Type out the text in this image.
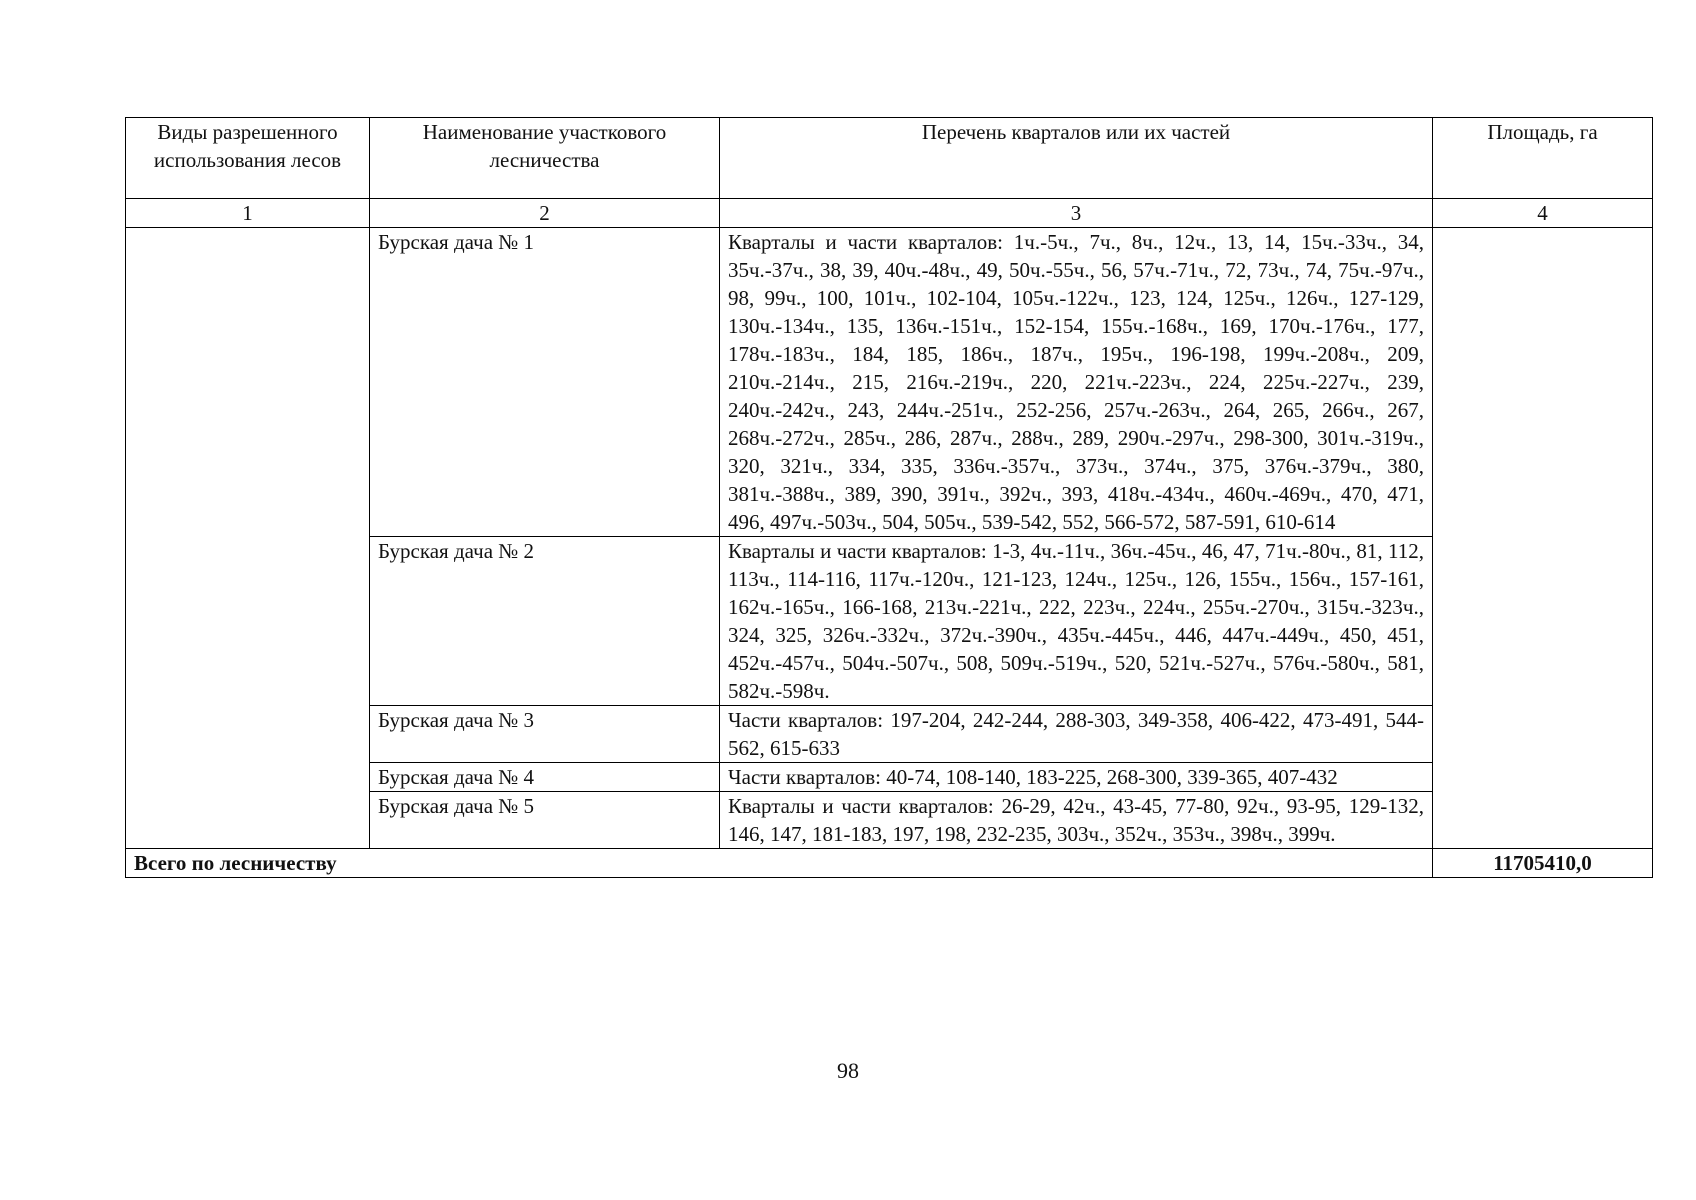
Виды разрешенного использования лесов	Наименование участкового лесничества	Перечень кварталов или их частей	Площадь, га
1	2	3	4
	Бурская дача № 1	Кварталы и части кварталов: 1ч.-5ч., 7ч., 8ч., 12ч., 13, 14, 15ч.-33ч., 34, 35ч.-37ч., 38, 39, 40ч.-48ч., 49, 50ч.-55ч., 56, 57ч.-71ч., 72, 73ч., 74, 75ч.-97ч., 98, 99ч., 100, 101ч., 102-104, 105ч.-122ч., 123, 124, 125ч., 126ч., 127-129, 130ч.-134ч., 135, 136ч.-151ч., 152-154, 155ч.-168ч., 169, 170ч.-176ч., 177, 178ч.-183ч., 184, 185, 186ч., 187ч., 195ч., 196-198, 199ч.-208ч., 209, 210ч.-214ч., 215, 216ч.-219ч., 220, 221ч.-223ч., 224, 225ч.-227ч., 239, 240ч.-242ч., 243, 244ч.-251ч., 252-256, 257ч.-263ч., 264, 265, 266ч., 267, 268ч.-272ч., 285ч., 286, 287ч., 288ч., 289, 290ч.-297ч., 298-300, 301ч.-319ч., 320, 321ч., 334, 335, 336ч.-357ч., 373ч., 374ч., 375, 376ч.-379ч., 380, 381ч.-388ч., 389, 390, 391ч., 392ч., 393, 418ч.-434ч., 460ч.-469ч., 470, 471, 496, 497ч.-503ч., 504, 505ч., 539-542, 552, 566-572, 587-591, 610-614	
	Бурская дача № 2	Кварталы и части кварталов: 1-3, 4ч.-11ч., 36ч.-45ч., 46, 47, 71ч.-80ч., 81, 112, 113ч., 114-116, 117ч.-120ч., 121-123, 124ч., 125ч., 126, 155ч., 156ч., 157-161, 162ч.-165ч., 166-168, 213ч.-221ч., 222, 223ч., 224ч., 255ч.-270ч., 315ч.-323ч., 324, 325, 326ч.-332ч., 372ч.-390ч., 435ч.-445ч., 446, 447ч.-449ч., 450, 451, 452ч.-457ч., 504ч.-507ч., 508, 509ч.-519ч., 520, 521ч.-527ч., 576ч.-580ч., 581, 582ч.-598ч.	
	Бурская дача № 3	Части кварталов: 197-204, 242-244, 288-303, 349-358, 406-422, 473-491, 544-562, 615-633	
	Бурская дача № 4	Части кварталов: 40-74, 108-140, 183-225, 268-300, 339-365, 407-432	
	Бурская дача № 5	Кварталы и части кварталов: 26-29, 42ч., 43-45, 77-80, 92ч., 93-95, 129-132, 146, 147, 181-183, 197, 198, 232-235, 303ч., 352ч., 353ч., 398ч., 399ч.	
Всего по лесничеству			11705410,0
98
